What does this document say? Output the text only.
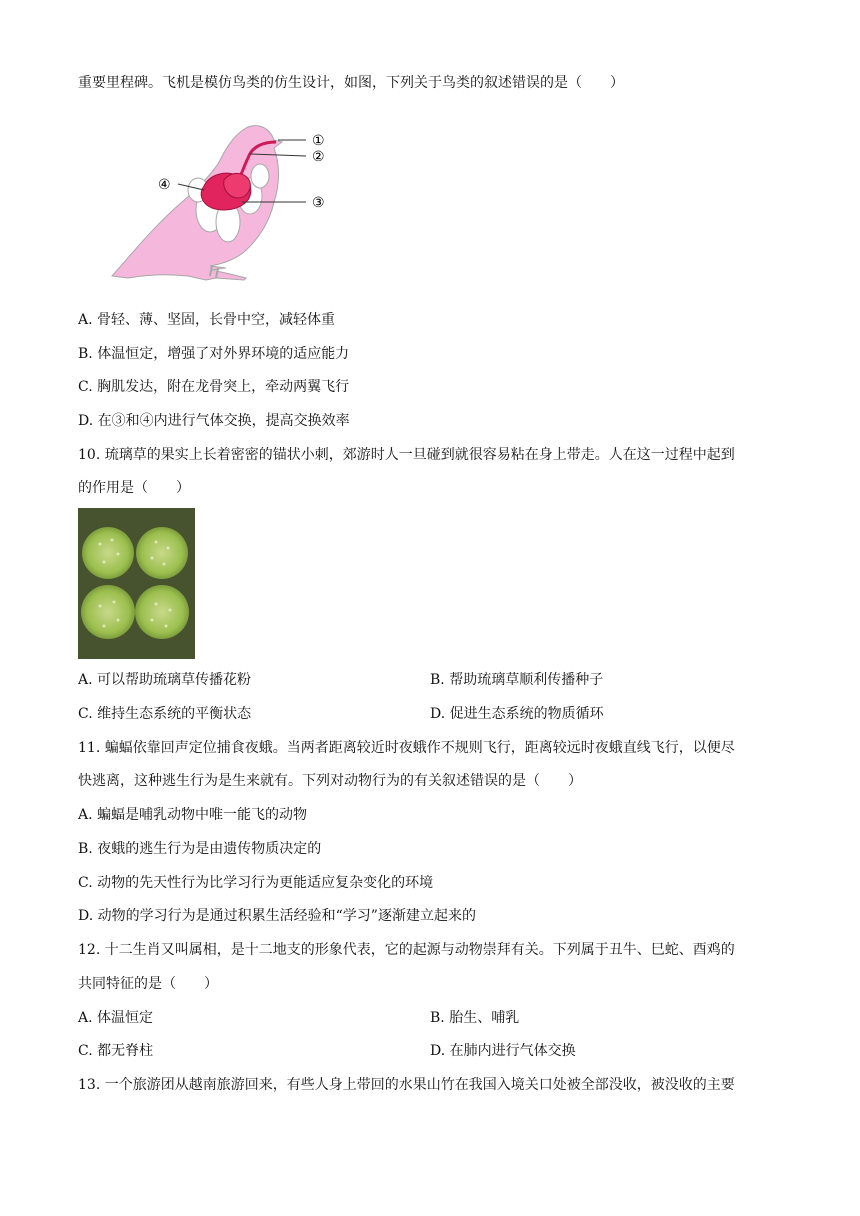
重要里程碑。飞机是模仿鸟类的仿生设计，如图，下列关于鸟类的叙述错误的是（　　）
①
②
③
④
A. 骨轻、薄、坚固，长骨中空，减轻体重
B. 体温恒定，增强了对外界环境的适应能力
C. 胸肌发达，附在龙骨突上，牵动两翼飞行
D. 在③和④内进行气体交换，提高交换效率
10. 琉璃草的果实上长着密密的锚状小刺，郊游时人一旦碰到就很容易粘在身上带走。人在这一过程中起到
的作用是（　　）
A. 可以帮助琉璃草传播花粉	B. 帮助琉璃草顺利传播种子
C. 维持生态系统的平衡状态	D. 促进生态系统的物质循环
11. 蝙蝠依靠回声定位捕食夜蛾。当两者距离较近时夜蛾作不规则飞行，距离较远时夜蛾直线飞行，以便尽
快逃离，这种逃生行为是生来就有。下列对动物行为的有关叙述错误的是（　　）
A. 蝙蝠是哺乳动物中唯一能飞的动物
B. 夜蛾的逃生行为是由遗传物质决定的
C. 动物的先天性行为比学习行为更能适应复杂变化的环境
D. 动物的学习行为是通过积累生活经验和“学习”逐渐建立起来的
12. 十二生肖又叫属相，是十二地支的形象代表，它的起源与动物崇拜有关。下列属于丑牛、巳蛇、酉鸡的
共同特征的是（　　）
A. 体温恒定	B. 胎生、哺乳
C. 都无脊柱	D. 在肺内进行气体交换
13. 一个旅游团从越南旅游回来，有些人身上带回的水果山竹在我国入境关口处被全部没收，被没收的主要
